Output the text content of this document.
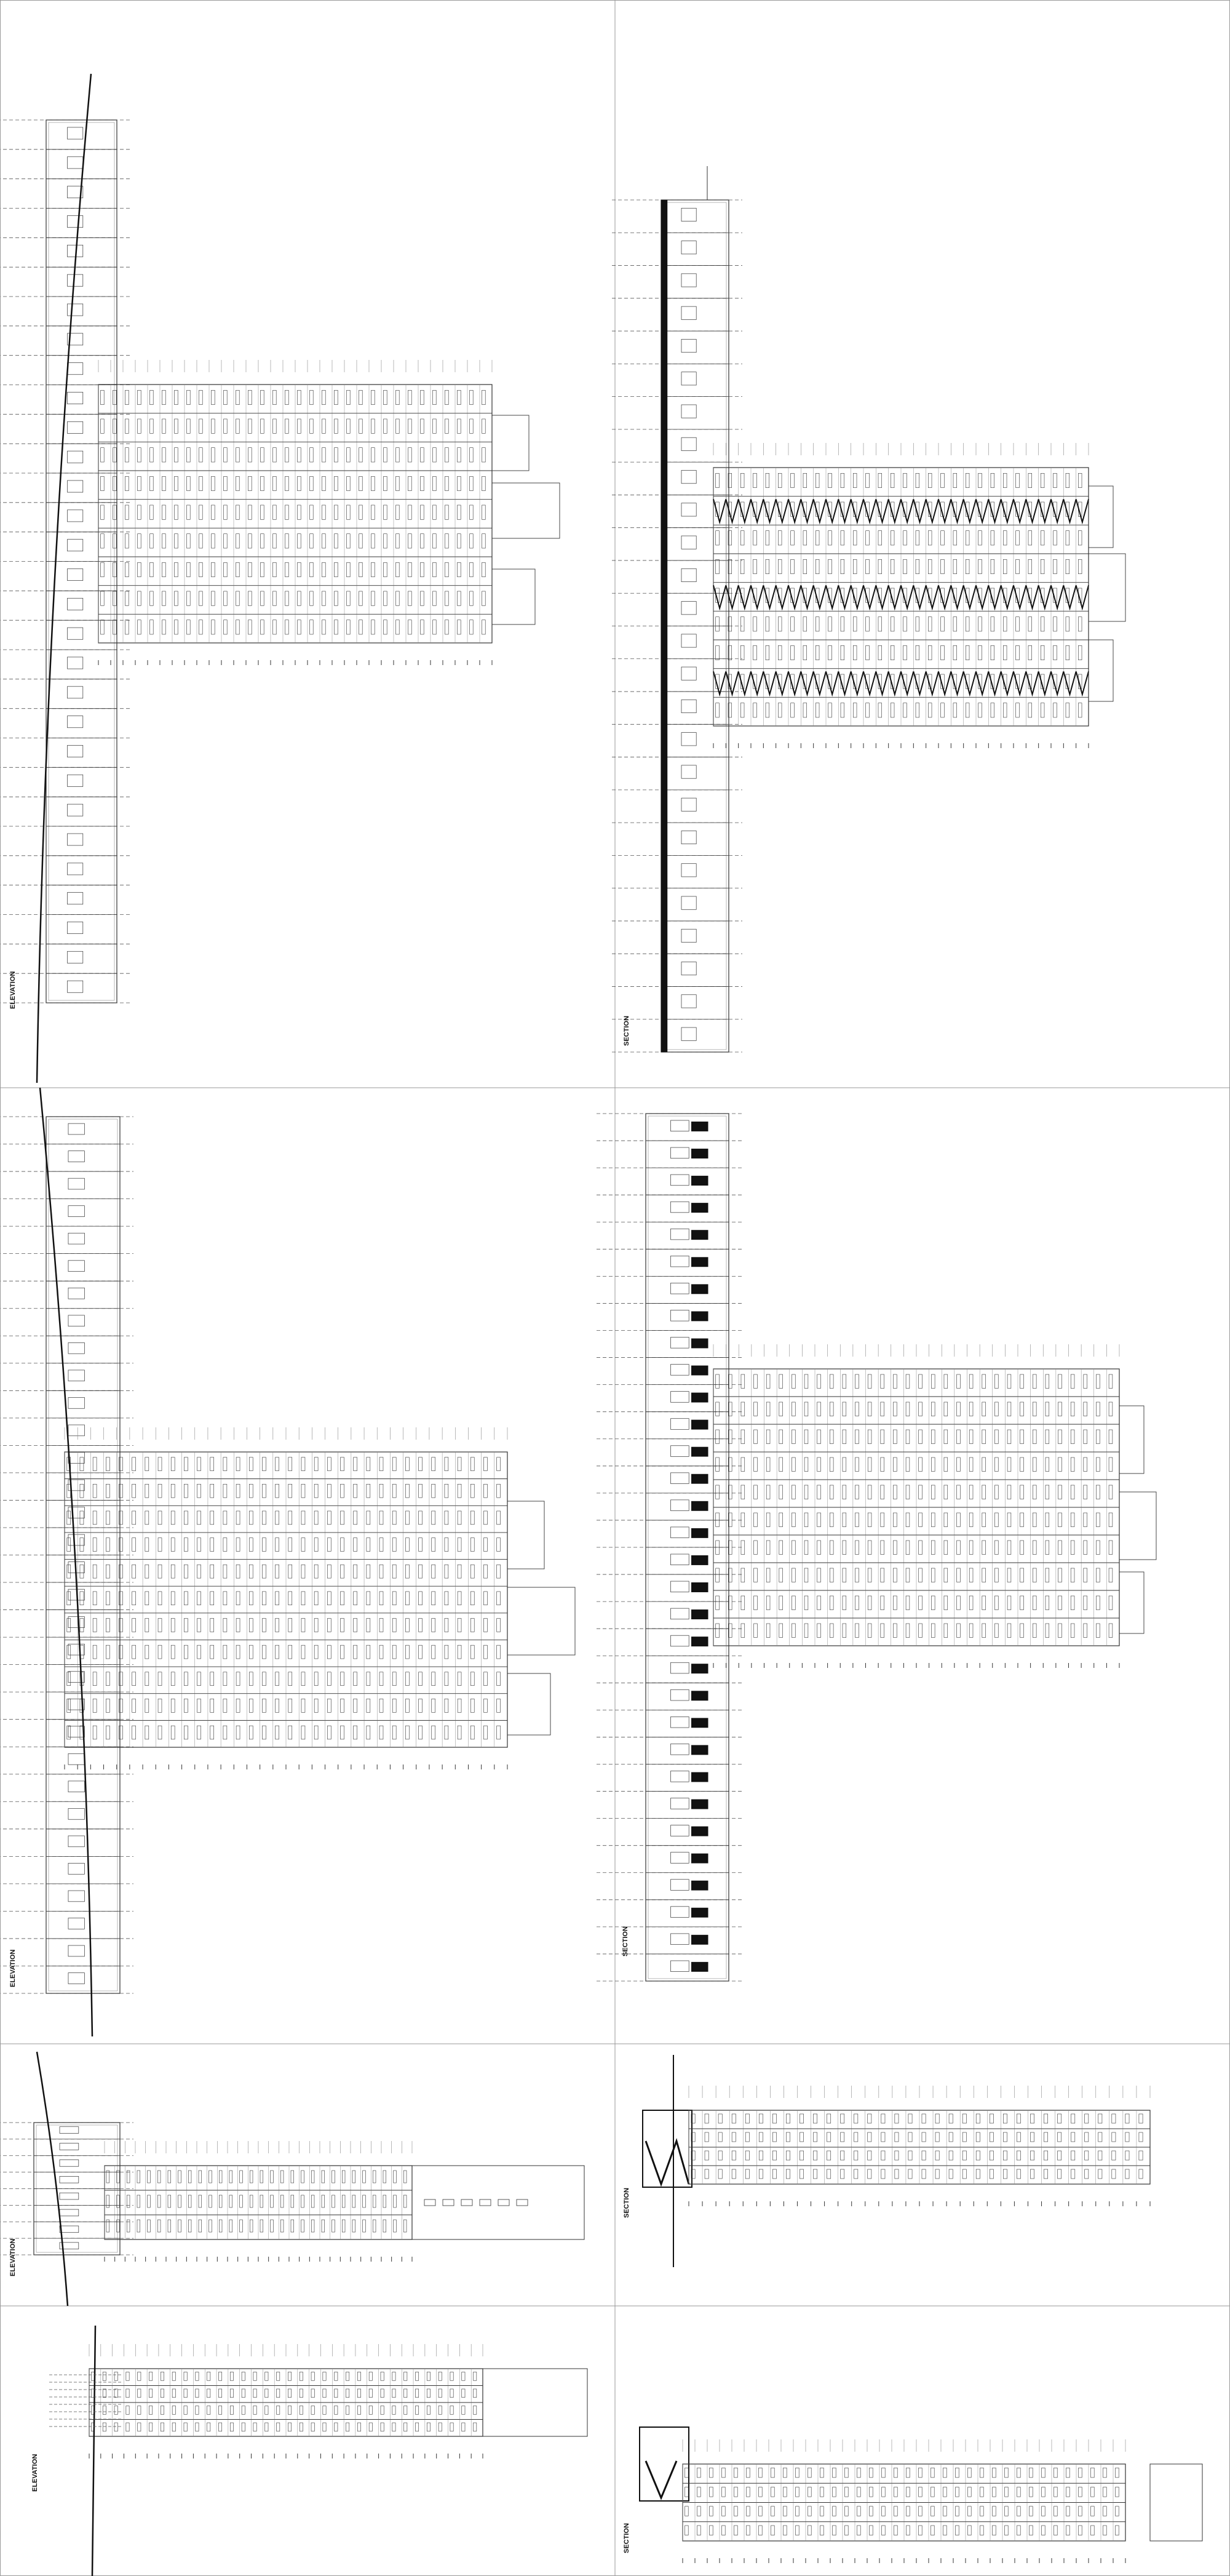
ELEVATION
SECTION
ELEVATION
SECTION
ELEVATION
SECTION
ELEVATION
SECTION
